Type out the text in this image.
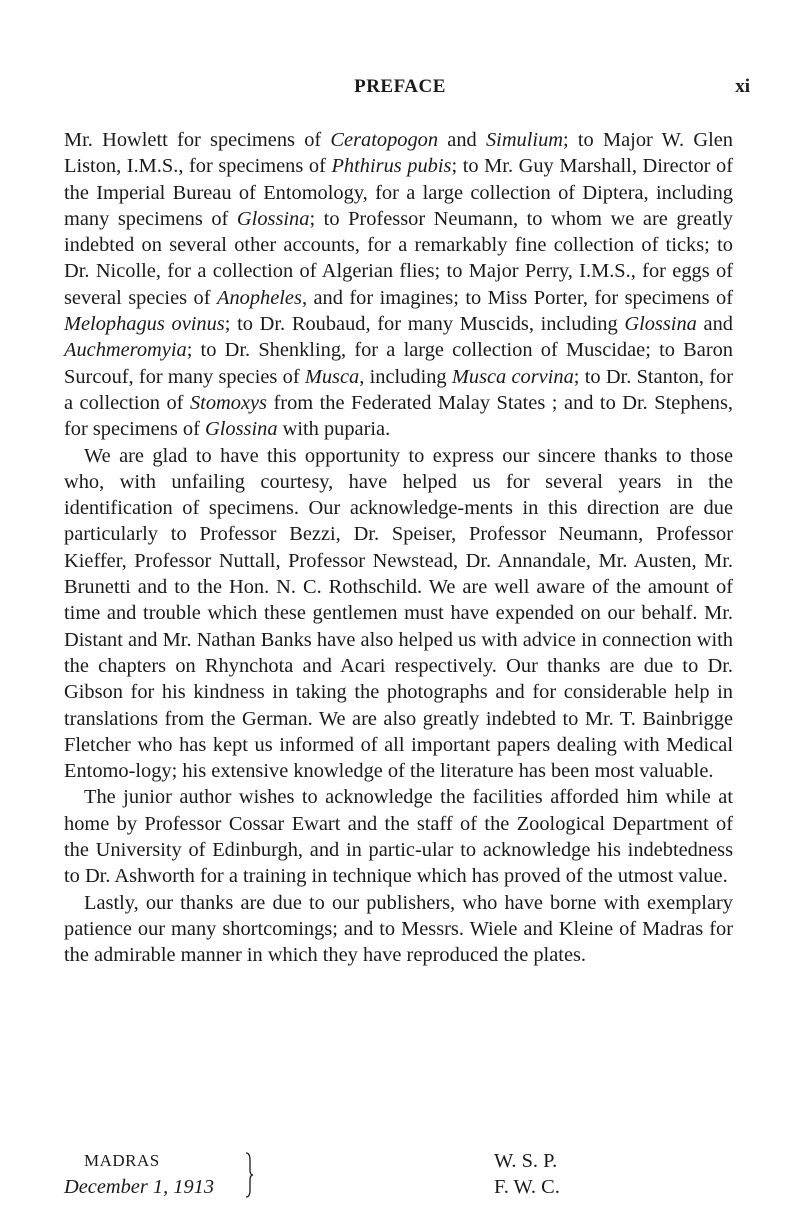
PREFACE	xi

Mr. Howlett for specimens of Ceratopogon and Simulium; to Major W. Glen Liston, I.M.S., for specimens of Phthirus pubis; to Mr. Guy Marshall, Director of the Imperial Bureau of Entomology, for a large collection of Diptera, including many specimens of Glossina; to Professor Neumann, to whom we are greatly indebted on several other accounts, for a remarkably fine collection of ticks; to Dr. Nicolle, for a collection of Algerian flies; to Major Perry, I.M.S., for eggs of several species of Anopheles, and for imagines; to Miss Porter, for specimens of Melophagus ovinus; to Dr. Roubaud, for many Muscids, including Glossina and Auchmeromyia; to Dr. Shenkling, for a large collection of Muscidae; to Baron Surcouf, for many species of Musca, including Musca corvina; to Dr. Stanton, for a collection of Stomoxys from the Federated Malay States ; and to Dr. Stephens, for specimens of Glossina with puparia.

We are glad to have this opportunity to express our sincere thanks to those who, with unfailing courtesy, have helped us for several years in the identification of specimens. Our acknowledge-ments in this direction are due particularly to Professor Bezzi, Dr. Speiser, Professor Neumann, Professor Kieffer, Professor Nuttall, Professor Newstead, Dr. Annandale, Mr. Austen, Mr. Brunetti and to the Hon. N. C. Rothschild. We are well aware of the amount of time and trouble which these gentlemen must have expended on our behalf. Mr. Distant and Mr. Nathan Banks have also helped us with advice in connection with the chapters on Rhynchota and Acari respectively. Our thanks are due to Dr. Gibson for his kindness in taking the photographs and for considerable help in translations from the German. We are also greatly indebted to Mr. T. Bainbrigge Fletcher who has kept us informed of all important papers dealing with Medical Entomo-logy; his extensive knowledge of the literature has been most valuable.

The junior author wishes to acknowledge the facilities afforded him while at home by Professor Cossar Ewart and the staff of the Zoological Department of the University of Edinburgh, and in partic-ular to acknowledge his indebtedness to Dr. Ashworth for a training in technique which has proved of the utmost value.

Lastly, our thanks are due to our publishers, who have borne with exemplary patience our many shortcomings; and to Messrs. Wiele and Kleine of Madras for the admirable manner in which they have reproduced the plates.

MADRAS
December 1, 1913
W. S. P.
F. W. C.
